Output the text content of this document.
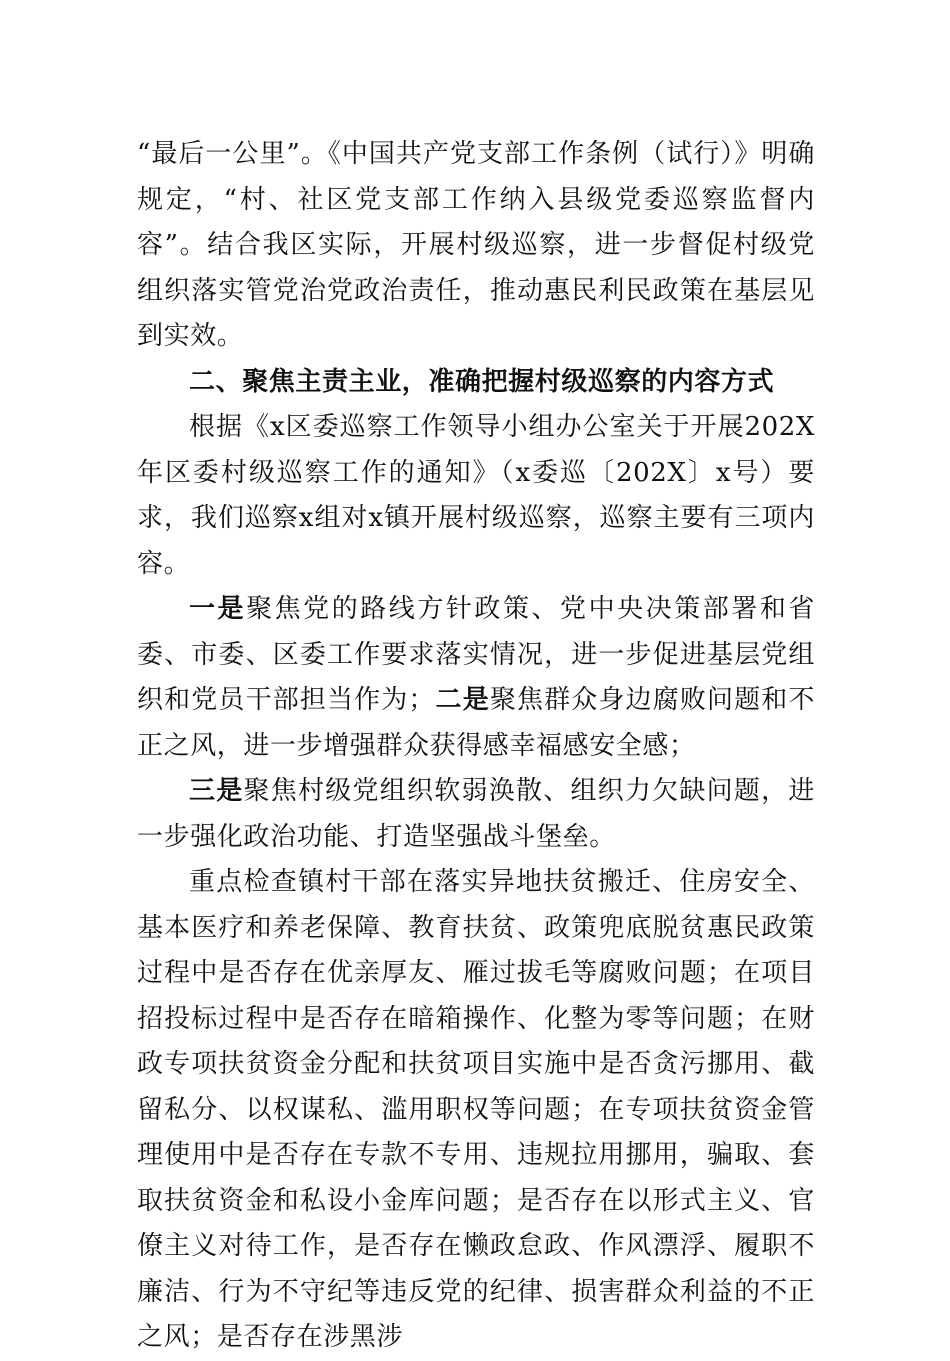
“最后一公里”。《中国共产党支部工作条例（试行）》明确规定，“村、社区党支部工作纳入县级党委巡察监督内容”。结合我区实际，开展村级巡察，进一步督促村级党组织落实管党治党政治责任，推动惠民利民政策在基层见到实效。

二、聚焦主责主业，准确把握村级巡察的内容方式

根据《x区委巡察工作领导小组办公室关于开展202X年区委村级巡察工作的通知》（x委巡〔202X〕x号）要求，我们巡察x组对x镇开展村级巡察，巡察主要有三项内容。

一是聚焦党的路线方针政策、党中央决策部署和省委、市委、区委工作要求落实情况，进一步促进基层党组织和党员干部担当作为；二是聚焦群众身边腐败问题和不正之风，进一步增强群众获得感幸福感安全感；

三是聚焦村级党组织软弱涣散、组织力欠缺问题，进一步强化政治功能、打造坚强战斗堡垒。

重点检查镇村干部在落实异地扶贫搬迁、住房安全、基本医疗和养老保障、教育扶贫、政策兜底脱贫惠民政策过程中是否存在优亲厚友、雁过拔毛等腐败问题；在项目招投标过程中是否存在暗箱操作、化整为零等问题；在财政专项扶贫资金分配和扶贫项目实施中是否贪污挪用、截留私分、以权谋私、滥用职权等问题；在专项扶贫资金管理使用中是否存在专款不专用、违规拉用挪用，骗取、套取扶贫资金和私设小金库问题；是否存在以形式主义、官僚主义对待工作，是否存在懒政怠政、作风漂浮、履职不廉洁、行为不守纪等违反党的纪律、损害群众利益的不正之风；是否存在涉黑涉
